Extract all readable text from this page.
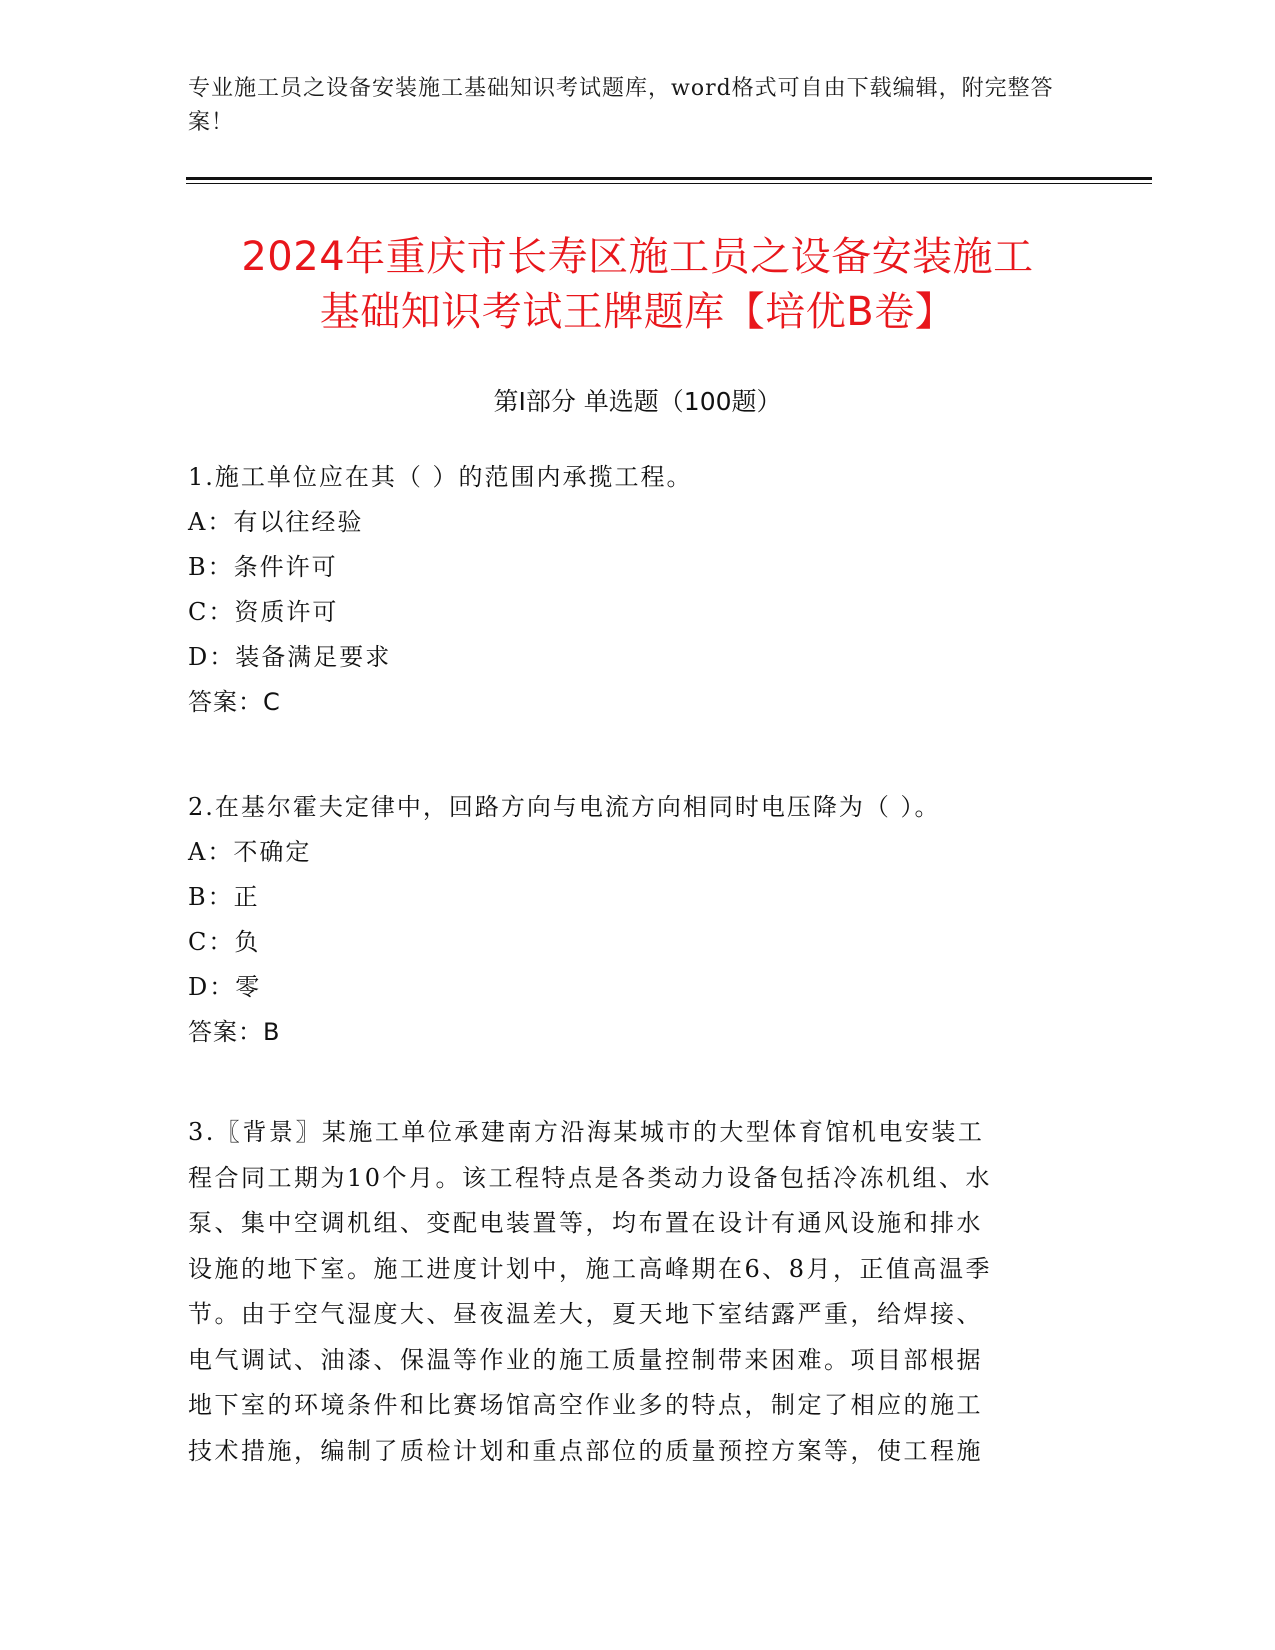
专业施工员之设备安装施工基础知识考试题库，word格式可自由下载编辑，附完整答案！
2024年重庆市长寿区施工员之设备安装施工
基础知识考试王牌题库【培优B卷】
第I部分 单选题（100题）
1.施工单位应在其（ ）的范围内承揽工程。
A：有以往经验
B：条件许可
C：资质许可
D：装备满足要求
答案：C
2.在基尔霍夫定律中，回路方向与电流方向相同时电压降为（ ）。
A：不确定
B：正
C：负
D：零
答案：B
3.〖背景〗某施工单位承建南方沿海某城市的大型体育馆机电安装工
程合同工期为10个月。该工程特点是各类动力设备包括冷冻机组、水
泵、集中空调机组、变配电装置等，均布置在设计有通风设施和排水
设施的地下室。施工进度计划中，施工高峰期在6、8月，正值高温季
节。由于空气湿度大、昼夜温差大，夏天地下室结露严重，给焊接、
电气调试、油漆、保温等作业的施工质量控制带来困难。项目部根据
地下室的环境条件和比赛场馆高空作业多的特点，制定了相应的施工
技术措施，编制了质检计划和重点部位的质量预控方案等，使工程施
